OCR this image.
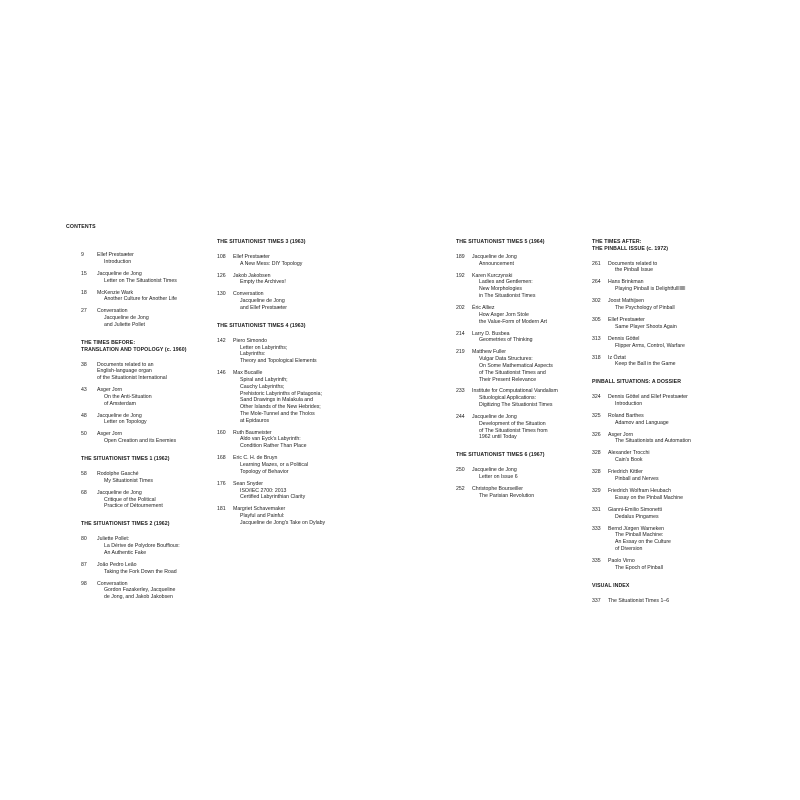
CONTENTS
9	Ellef Prestsæter
Introduction
15	Jacqueline de Jong
Letter on The Situationist Times
18	McKenzie Wark
Another Culture for Another Life
27	Conversation
Jacqueline de Jong
and Juliette Pollet
THE TIMES BEFORE:
TRANSLATION AND TOPOLOGY (c. 1960)
38	Documents related to an
English-language organ
of the Situationist International
43	Asger Jorn
On the Anti-Situation
of Amsterdam
48	Jacqueline de Jong
Letter on Topology
50	Asger Jorn
Open Creation and its Enemies
THE SITUATIONIST TIMES 1 (1962)
58	Rodolphe Gasché
My Situationist Times
68	Jacqueline de Jong
Critique of the Political
Practice of Détournement
THE SITUATIONIST TIMES 2 (1962)
80	Juliette Pollet:
La Dérive de Polydore Bouffioux:
An Authentic Fake
87	João Pedro Leão
Taking the Fork Down the Road
98	Conversation
Gordon Fazakerley, Jacqueline
de Jong, and Jakob Jakobsen
THE SITUATIONIST TIMES 3 (1963)
108	Ellef Prestsæter
A New Mess: DIY Topology
126	Jakob Jakobsen
Empty the Archives!
130	Conversation
Jacqueline de Jong
and Ellef Prestsæter
THE SITUATIONIST TIMES 4 (1963)
142	Piero Simondo
Letter on Labyrinths;
Labyrinths:
Theory and Topological Elements
146	Max Bucaille
Spiral and Labyrinth;
Cauchy Labyrinths;
Prehistoric Labyrinths of Patagonia;
Sand Drawings in Malakula and
Other Islands of the New Hebrides;
The Mole-Tunnel and the Tholos
at Epidauros
160	Ruth Baumeister
Aldo van Eyck's Labyrinth:
Condition Rather Than Place
168	Eric C. H. de Bruyn
Learning Mazes, or a Political
Topology of Behavior
176	Sean Snyder
ISO/IEC 2700: 2013
Certified Labyrinthian Clarity
181	Margriet Schavemaker
Playful and Painful:
Jacqueline de Jong's Take on Dylaby
THE SITUATIONIST TIMES 5 (1964)
189	Jacqueline de Jong
Announcement
192	Karen Kurczynski
Ladies and Gentlemen:
New Morphologies
in The Situationist Times
202	Éric Alliez
How Asger Jorn Stole
the Value-Form of Modern Art
214	Larry D. Busbea
Geometries of Thinking
219	Matthew Fuller
Vulgar Data Structures:
On Some Mathematical Aspects
of The Situationist Times and
Their Present Relevance
233	Institute for Computational Vandalism
Situological Applications:
Digitizing The Situationist Times
244	Jacqueline de Jong
Development of the Situation
of The Situationist Times from
1962 until Today
THE SITUATIONIST TIMES 6 (1967)
250	Jacqueline de Jong
Letter on Issue 6
252	Christophe Bourseiller
The Parisian Revolution
THE TIMES AFTER:
THE PINBALL ISSUE (c. 1972)
261	Documents related to
the Pinball Issue
264	Hans Brinkman
Playing Pinball is Delightfullllllll
302	Joost Mathijsen
The Psychology of Pinball
305	Ellef Prestsæter
Same Player Shoots Again
313	Dennis Göttel
Flipper Arms, Control, Warfare
318	Iz Öztat
Keep the Ball in the Game
PINBALL SITUATIONS: A DOSSIER
324	Dennis Göttel and Ellef Prestsæter
Introduction
325	Roland Barthes
Adamov and Language
326	Asger Jorn
The Situationists and Automation
328	Alexander Trocchi
Cain's Book
328	Friedrich Kittler
Pinball and Nerves
329	Friedrich Wolfram Heubach
Essay on the Pinball Machine
331	Gianni-Emilio Simonetti
Dedalus Pingames
333	Bernd Jürgen Warneken
The Pinball Machine:
An Essay on the Culture
of Diversion
335	Paolo Virno
The Epoch of Pinball
VISUAL INDEX
337	The Situationist Times 1–6
